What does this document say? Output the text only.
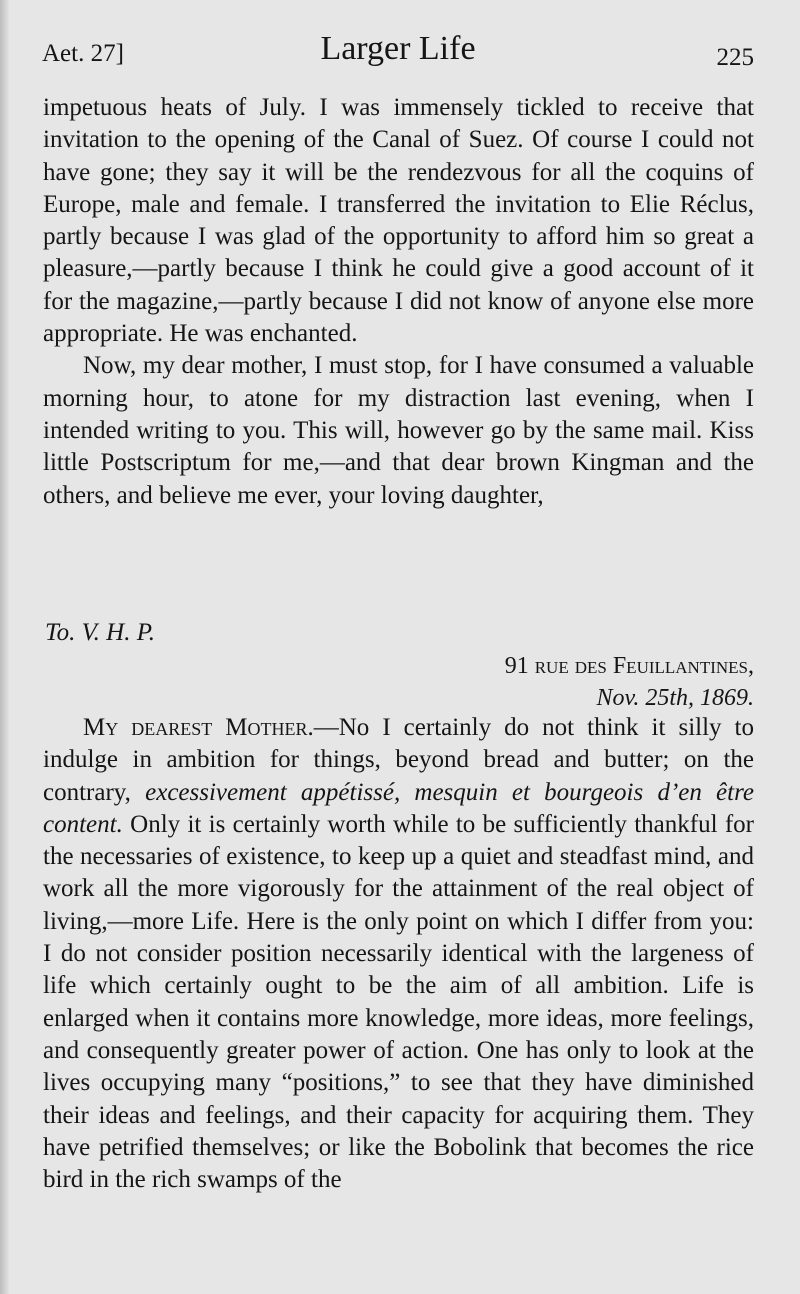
Aet. 27]	Larger Life	225

impetuous heats of July. I was immensely tickled to receive that invitation to the opening of the Canal of Suez. Of course I could not have gone; they say it will be the rendezvous for all the coquins of Europe, male and female. I transferred the invitation to Elie Réclus, partly because I was glad of the opportunity to afford him so great a pleasure,—partly because I think he could give a good account of it for the magazine,—partly because I did not know of anyone else more appropriate. He was enchanted.

Now, my dear mother, I must stop, for I have consumed a valuable morning hour, to atone for my distraction last evening, when I intended writing to you. This will, however go by the same mail. Kiss little Postscriptum for me,—and that dear brown Kingman and the others, and believe me ever, your loving daughter,

To. V. H. P.
91 rue des Feuillantines,
Nov. 25th, 1869.

My dearest Mother.—No I certainly do not think it silly to indulge in ambition for things, beyond bread and butter; on the contrary, excessivement appétissé, mesquin et bourgeois d’en être content. Only it is certainly worth while to be sufficiently thankful for the necessaries of existence, to keep up a quiet and steadfast mind, and work all the more vigorously for the attainment of the real object of living,—more Life. Here is the only point on which I differ from you: I do not consider position necessarily identical with the largeness of life which certainly ought to be the aim of all ambition. Life is enlarged when it contains more knowledge, more ideas, more feelings, and consequently greater power of action. One has only to look at the lives occupying many “positions,” to see that they have diminished their ideas and feelings, and their capacity for acquiring them. They have petrified themselves; or like the Bobolink that becomes the rice bird in the rich swamps of the
